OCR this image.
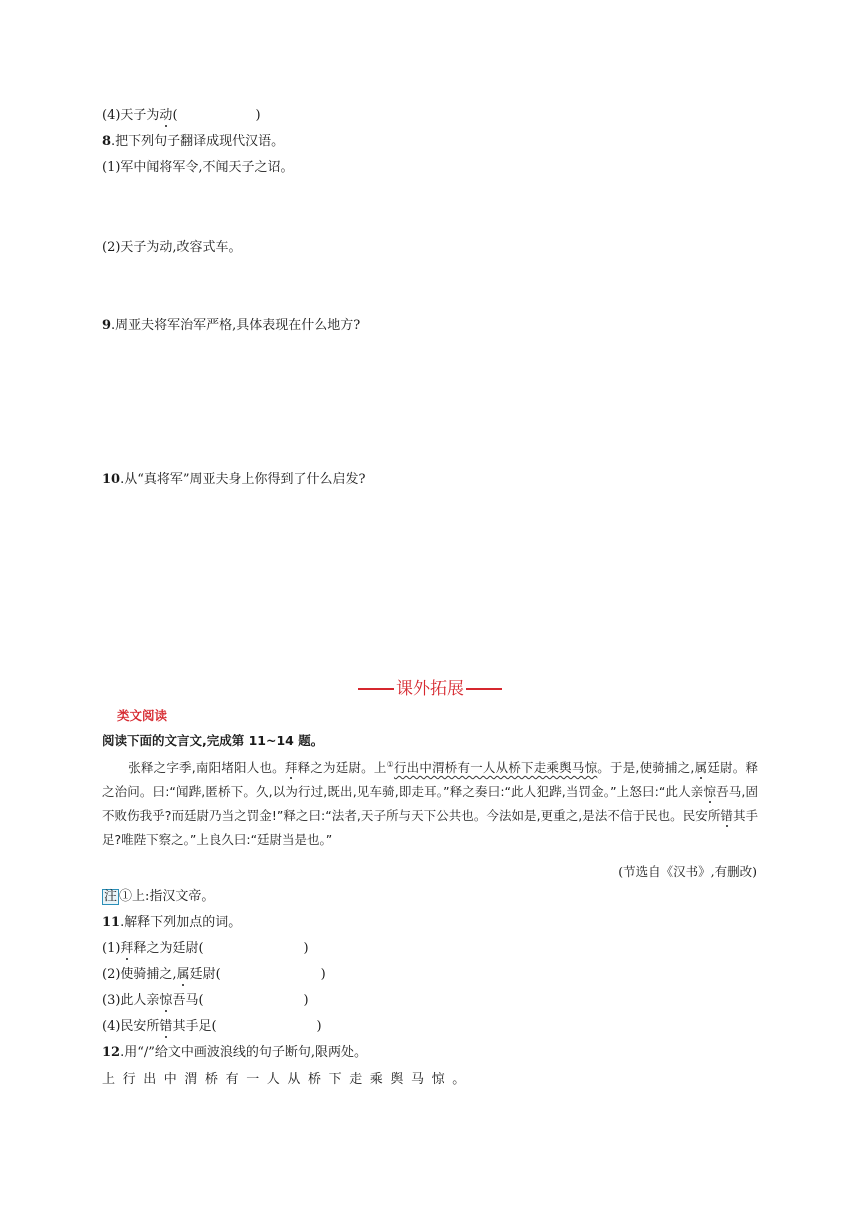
(4)天子为动(	)
8.把下列句子翻译成现代汉语。
(1)军中闻将军令,不闻天子之诏。
(2)天子为动,改容式车。
9.周亚夫将军治军严格,具体表现在什么地方?
10.从“真将军”周亚夫身上你得到了什么启发?
课外拓展
类文阅读
阅读下面的文言文,完成第 11~14 题。
张释之字季,南阳堵阳人也。拜释之为廷尉。上①行出中渭桥有一人从桥下走乘舆马惊。于是,使骑捕之,属廷尉。释之治问。曰:“闻跸,匿桥下。久,以为行过,既出,见车骑,即走耳。”释之奏曰:“此人犯跸,当罚金。”上怒曰:“此人亲惊吾马,固不败伤我乎?而廷尉乃当之罚金!”释之曰:“法者,天子所与天下公共也。今法如是,更重之,是法不信于民也。民安所错其手足?唯陛下察之。”上良久曰:“廷尉当是也。”
(节选自《汉书》,有删改)
注 ①上:指汉文帝。
11.解释下列加点的词。
(1)拜释之为廷尉(	)
(2)使骑捕之,属廷尉(	)
(3)此人亲惊吾马(	)
(4)民安所错其手足(	)
12.用“/”给文中画波浪线的句子断句,限两处。
上行出中渭桥有一人从桥下走乘舆马惊。
